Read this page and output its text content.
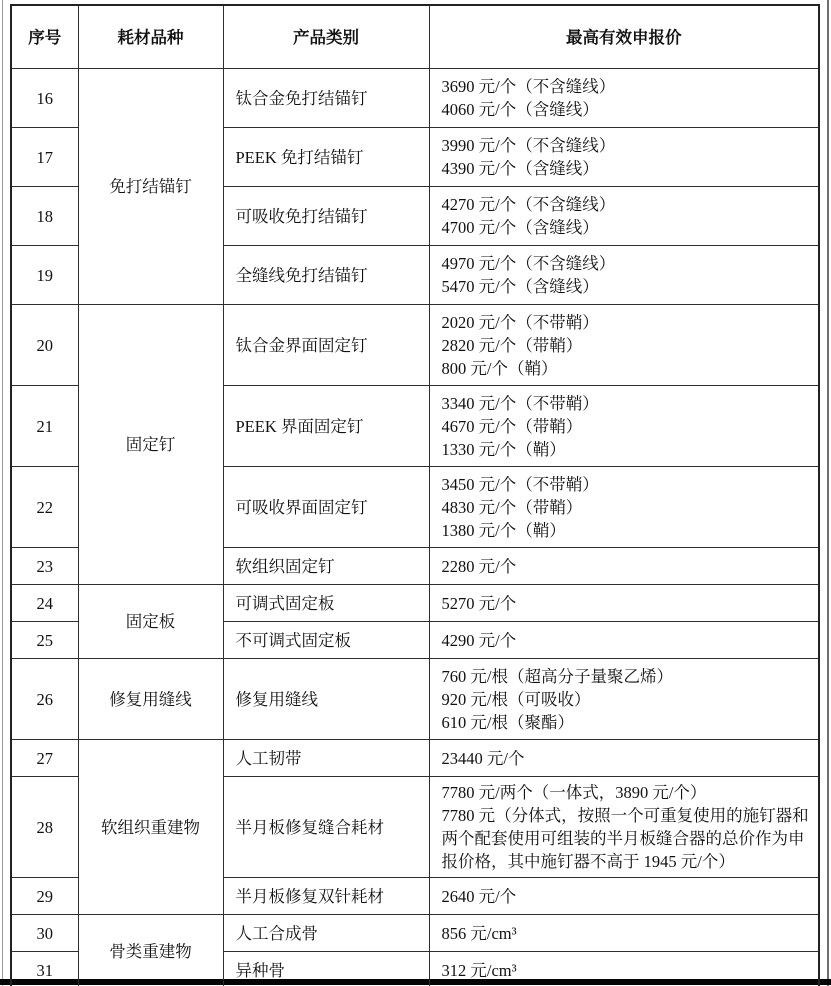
序号	耗材品种	产品类别	最高有效申报价
16	免打结锚钉	钛合金免打结锚钉	3690 元/个（不含缝线）
4060 元/个（含缝线）

17		PEEK 免打结锚钉	3990 元/个（不含缝线）
4390 元/个（含缝线）

18		可吸收免打结锚钉	4270 元/个（不含缝线）
4700 元/个（含缝线）

19		全缝线免打结锚钉	4970 元/个（不含缝线）
5470 元/个（含缝线）

20	固定钉	钛合金界面固定钉	2020 元/个（不带鞘）
2820 元/个（带鞘）
800 元/个（鞘）

21		PEEK 界面固定钉	3340 元/个（不带鞘）
4670 元/个（带鞘）
1330 元/个（鞘）

22		可吸收界面固定钉	3450 元/个（不带鞘）
4830 元/个（带鞘）
1380 元/个（鞘）

23		软组织固定钉	2280 元/个

24	固定板	可调式固定板	5270 元/个

25		不可调式固定板	4290 元/个

26	修复用缝线	修复用缝线	760 元/根（超高分子量聚乙烯）
920 元/根（可吸收）
610 元/根（聚酯）

27	软组织重建物	人工韧带	23440 元/个

28		半月板修复缝合耗材	7780 元/两个（一体式，3890 元/个）
7780 元（分体式，按照一个可重复使用的施钉器和两个配套使用可组装的半月板缝合器的总价作为申报价格，其中施钉器不高于 1945 元/个）

29		半月板修复双针耗材	2640 元/个

30	骨类重建物	人工合成骨	856 元/cm³

31		异种骨	312 元/cm³
